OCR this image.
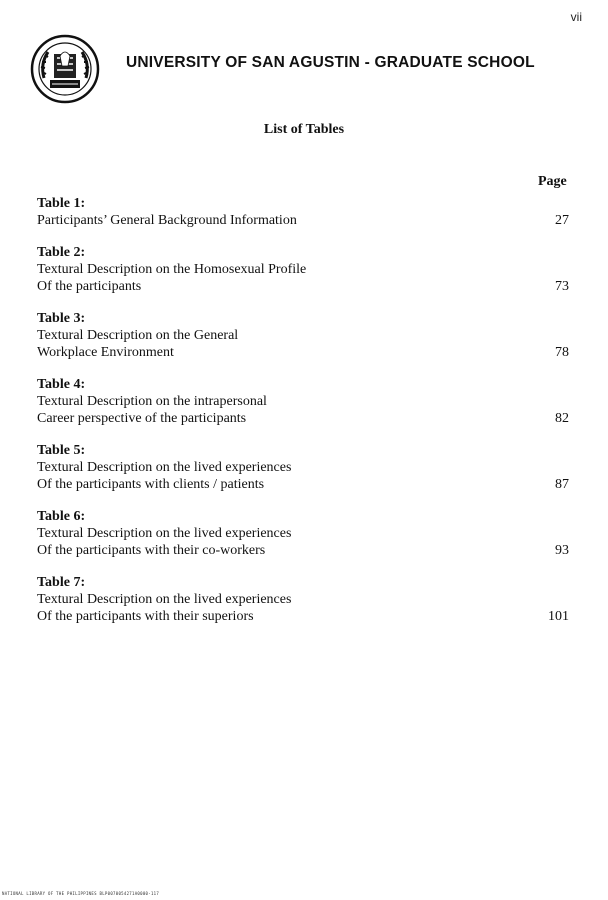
vii
UNIVERSITY OF SAN AGUSTIN - GRADUATE SCHOOL
List of Tables
Page
Table 1:
Participants’ General Background Information	27
Table 2:
Textural Description on the Homosexual Profile
Of the participants	73
Table 3:
Textural Description on the General
Workplace Environment	78
Table 4:
Textural Description on the intrapersonal
Career perspective of the participants	82
Table 5:
Textural Description on the lived experiences
Of the participants with clients / patients	87
Table 6:
Textural Description on the lived experiences
Of the participants with their co-workers	93
Table 7:
Textural Description on the lived experiences
Of the participants with their superiors	101
NATIONAL LIBRARY OF THE PHILIPPINES BLP0070054271A0000-117
